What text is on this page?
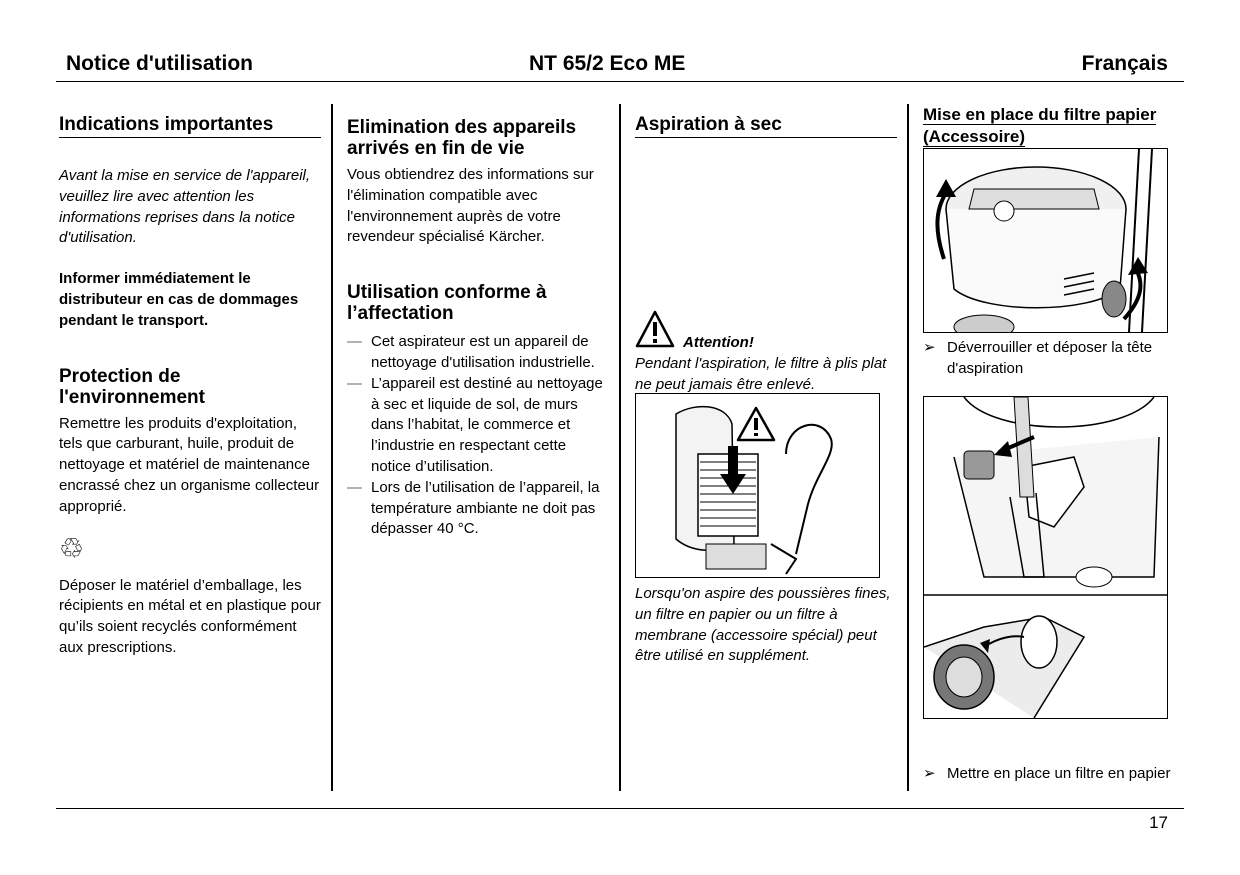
Notice d'utilisation	NT 65/2 Eco ME	Français
Indications importantes
Avant la mise en service de l'appareil, veuillez lire avec attention les informations reprises dans la notice d'utilisation.
Informer immédiatement le distributeur en cas de dommages pendant le transport.
Protection de l'environnement
Remettre les produits d'exploitation, tels que carburant, huile, produit de nettoyage et matériel de maintenance encrassé chez un organisme collecteur approprié.
♲
Déposer le matériel d’emballage, les récipients en métal et en plastique pour qu’ils soient recyclés conformément aux prescriptions.
Elimination des appareils arrivés en fin de vie
Vous obtiendrez des informations sur l'élimination compatible avec l'environnement auprès de votre revendeur spécialisé Kärcher.
Utilisation conforme à l’affectation
— Cet aspirateur est un appareil de nettoyage d'utilisation industrielle.
— L’appareil est destiné au nettoyage à sec et liquide de sol, de murs dans l’habitat, le commerce et l’industrie en respectant cette notice d’utilisation.
— Lors de l’utilisation de l’appareil, la température ambiante ne doit pas dépasser 40 °C.
Aspiration à sec
Attention!
Pendant l'aspiration, le filtre à plis plat ne peut jamais être enlevé.
Lorsqu'on aspire des poussières fines, un filtre en papier ou un filtre à membrane (accessoire spécial) peut être utilisé en supplément.
Mise en place du filtre papier (Accessoire)
➢ Déverrouiller et déposer la tête d'aspiration
➢ Mettre en place un filtre en papier
17
